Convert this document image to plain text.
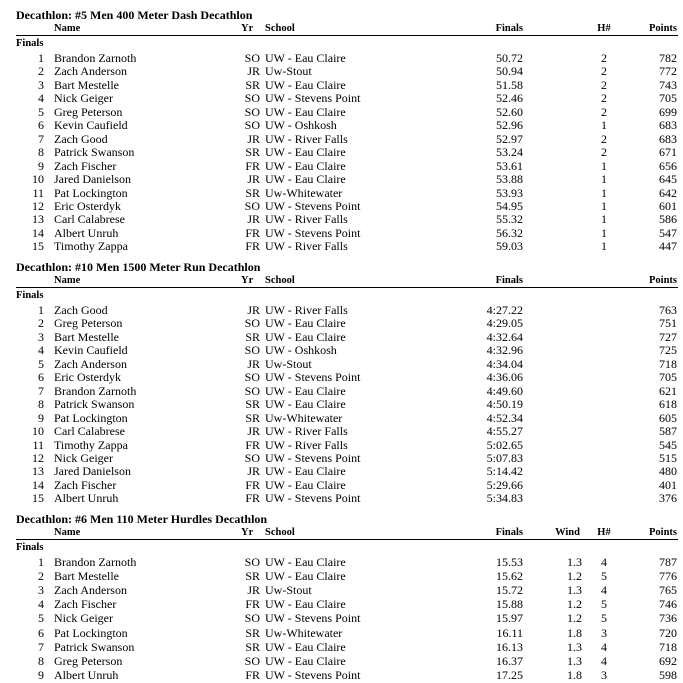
Decathlon: #5 Men 400 Meter Dash Decathlon
Name	Yr School	Finals	H#	Points
Finals
1 Brandon Zarnoth	SO UW - Eau Claire	50.72	2	782
2 Zach Anderson	JR Uw-Stout	50.94	2	772
3 Bart Mestelle	SR UW - Eau Claire	51.58	2	743
4 Nick Geiger	SO UW - Stevens Point	52.46	2	705
5 Greg Peterson	SO UW - Eau Claire	52.60	2	699
6 Kevin Caufield	SO UW - Oshkosh	52.96	1	683
7 Zach Good	JR UW - River Falls	52.97	2	683
8 Patrick Swanson	SR UW - Eau Claire	53.24	2	671
9 Zach Fischer	FR UW - Eau Claire	53.61	1	656
10 Jared Danielson	JR UW - Eau Claire	53.88	1	645
11 Pat Lockington	SR Uw-Whitewater	53.93	1	642
12 Eric Osterdyk	SO UW - Stevens Point	54.95	1	601
13 Carl Calabrese	JR UW - River Falls	55.32	1	586
14 Albert Unruh	FR UW - Stevens Point	56.32	1	547
15 Timothy Zappa	FR UW - River Falls	59.03	1	447
Decathlon: #10 Men 1500 Meter Run Decathlon
Name	Yr School	Finals	Points
Finals
1 Zach Good	JR UW - River Falls	4:27.22	763
2 Greg Peterson	SO UW - Eau Claire	4:29.05	751
3 Bart Mestelle	SR UW - Eau Claire	4:32.64	727
4 Kevin Caufield	SO UW - Oshkosh	4:32.96	725
5 Zach Anderson	JR Uw-Stout	4:34.04	718
6 Eric Osterdyk	SO UW - Stevens Point	4:36.06	705
7 Brandon Zarnoth	SO UW - Eau Claire	4:49.60	621
8 Patrick Swanson	SR UW - Eau Claire	4:50.19	618
9 Pat Lockington	SR Uw-Whitewater	4:52.34	605
10 Carl Calabrese	JR UW - River Falls	4:55.27	587
11 Timothy Zappa	FR UW - River Falls	5:02.65	545
12 Nick Geiger	SO UW - Stevens Point	5:07.83	515
13 Jared Danielson	JR UW - Eau Claire	5:14.42	480
14 Zach Fischer	FR UW - Eau Claire	5:29.66	401
15 Albert Unruh	FR UW - Stevens Point	5:34.83	376
Decathlon: #6 Men 110 Meter Hurdles Decathlon
Name	Yr School	Finals	Wind	H#	Points
Finals
1 Brandon Zarnoth	SO UW - Eau Claire	15.53	1.3	4	787
2 Bart Mestelle	SR UW - Eau Claire	15.62	1.2	5	776
3 Zach Anderson	JR Uw-Stout	15.72	1.3	4	765
4 Zach Fischer	FR UW - Eau Claire	15.88	1.2	5	746
5 Nick Geiger	SO UW - Stevens Point	15.97	1.2	5	736
6 Pat Lockington	SR Uw-Whitewater	16.11	1.8	3	720
7 Patrick Swanson	SR UW - Eau Claire	16.13	1.3	4	718
8 Greg Peterson	SO UW - Eau Claire	16.37	1.3	4	692
9 Albert Unruh	FR UW - Stevens Point	17.25	1.8	3	598
